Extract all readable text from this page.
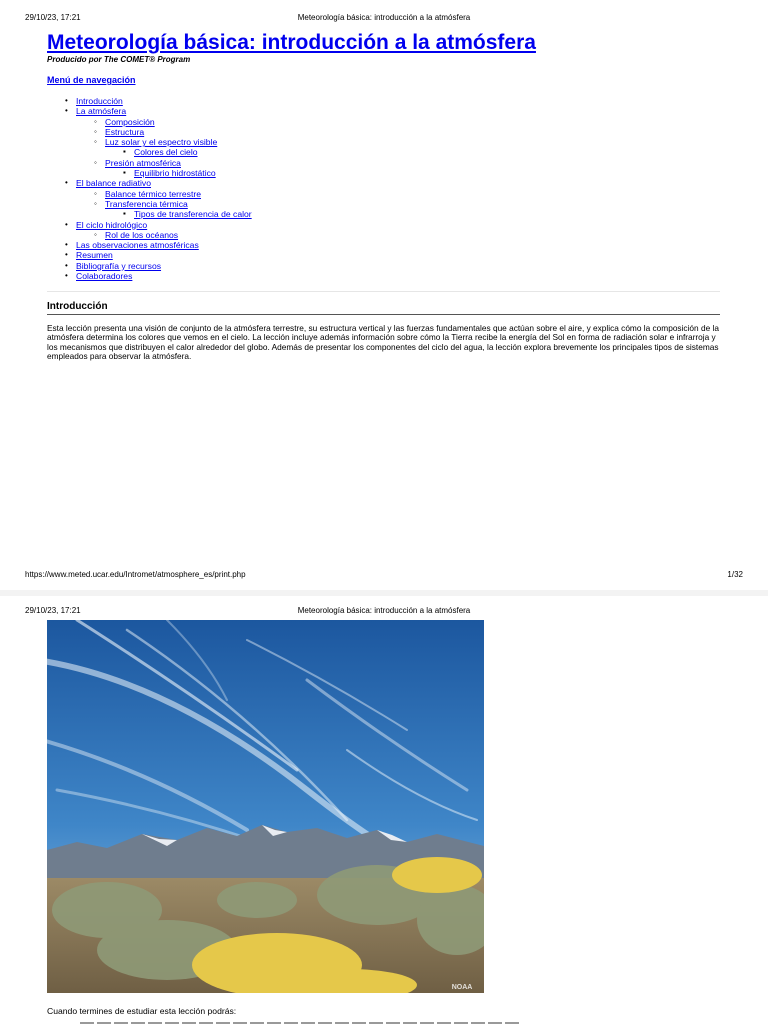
29/10/23, 17:21	Meteorología básica: introducción a la atmósfera
Meteorología básica: introducción a la atmósfera
Producido por The COMET® Program
Menú de navegación
• Introducción
• La atmósfera
◦ Composición
◦ Estructura
◦ Luz solar y el espectro visible
▪ Colores del cielo
◦ Presión atmosférica
▪ Equilibrio hidrostático
• El balance radiativo
◦ Balance térmico terrestre
◦ Transferencia térmica
▪ Tipos de transferencia de calor
• El ciclo hidrológico
◦ Rol de los océanos
• Las observaciones atmosféricas
• Resumen
• Bibliografía y recursos
• Colaboradores
Introducción

Esta lección presenta una visión de conjunto de la atmósfera terrestre, su estructura vertical y las fuerzas fundamentales que actúan sobre el aire, y explica cómo la composición de la atmósfera determina los colores que vemos en el cielo. La lección incluye además información sobre cómo la Tierra recibe la energía del Sol en forma de radiación solar e infrarroja y los mecanismos que distribuyen el calor alrededor del globo. Además de presentar los componentes del ciclo del agua, la lección explora brevemente los principales tipos de sistemas empleados para observar la atmósfera.

https://www.meted.ucar.edu/Intromet/atmosphere_es/print.php	1/32
29/10/23, 17:21	Meteorología básica: introducción a la atmósfera
NOAA
Cuando termines de estudiar esta lección podrás:
